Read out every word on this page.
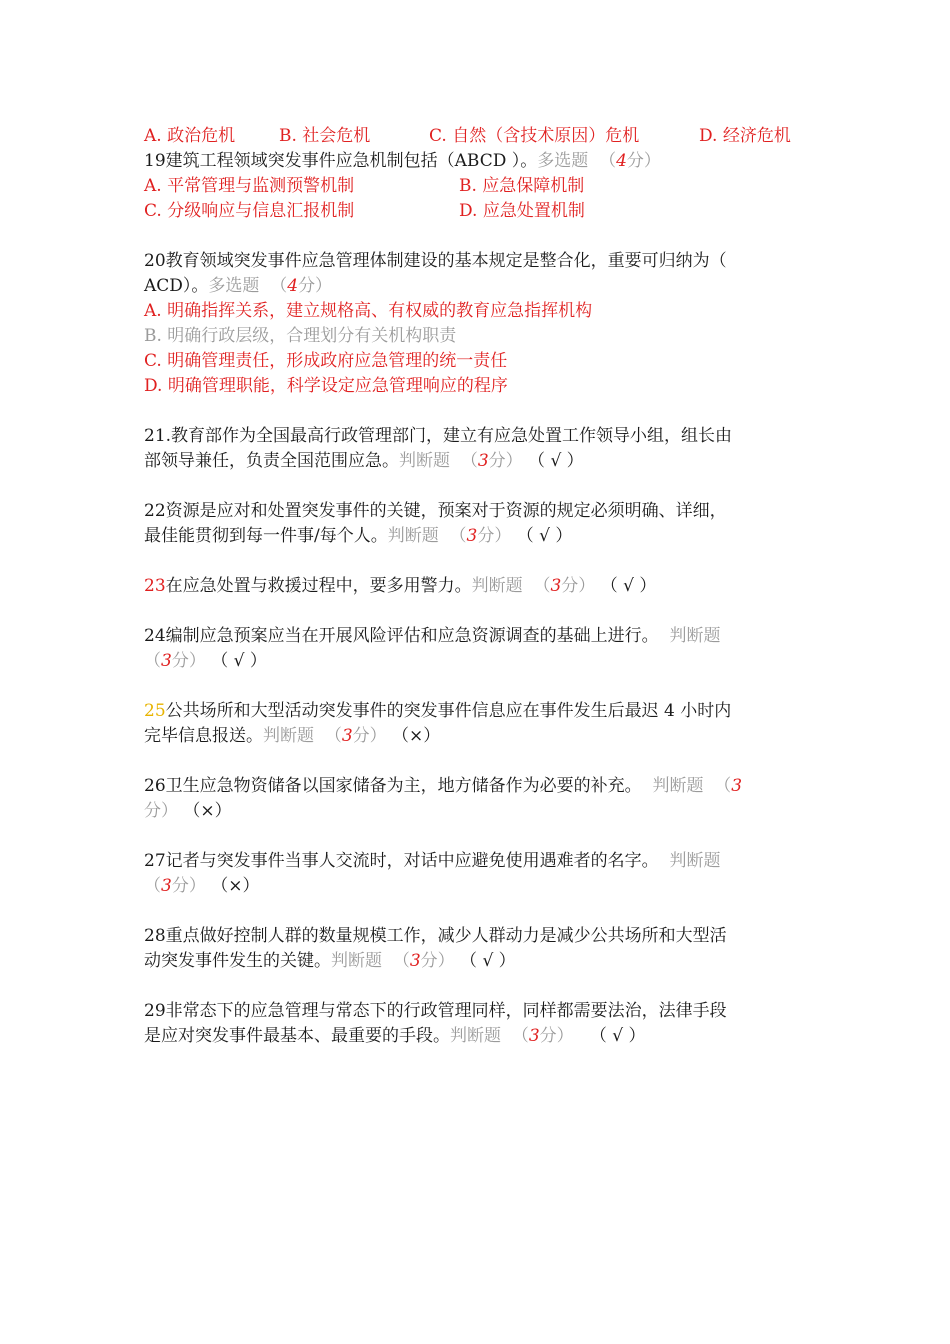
A. 政治危机	B. 社会危机	C. 自然（含技术原因）危机	D. 经济危机
19建筑工程领域突发事件应急机制包括（ABCD ）。多选题 （4分）
A. 平常管理与监测预警机制	B. 应急保障机制
C. 分级响应与信息汇报机制	D. 应急处置机制
20教育领域突发事件应急管理体制建设的基本规定是整合化，重要可归纳为（
ACD）。多选题 （4分）
A. 明确指挥关系，建立规格高、有权威的教育应急指挥机构
B. 明确行政层级，合理划分有关机构职责
C. 明确管理责任，形成政府应急管理的统一责任
D. 明确管理职能，科学设定应急管理响应的程序
21.教育部作为全国最高行政管理部门，建立有应急处置工作领导小组，组长由
部领导兼任，负责全国范围应急。判断题 （3分） （ √ ）
22资源是应对和处置突发事件的关键，预案对于资源的规定必须明确、详细，
最佳能贯彻到每一件事/每个人。判断题 （3分） （ √ ）
23在应急处置与救援过程中，要多用警力。判断题 （3分） （ √ ）
24编制应急预案应当在开展风险评估和应急资源调查的基础上进行。 判断题
（3分） （ √ ）
25公共场所和大型活动突发事件的突发事件信息应在事件发生后最迟 4 小时内
完毕信息报送。判断题 （3分） （×）
26卫生应急物资储备以国家储备为主，地方储备作为必要的补充。 判断题 （3
分） （×）
27记者与突发事件当事人交流时，对话中应避免使用遇难者的名字。 判断题
（3分） （×）
28重点做好控制人群的数量规模工作，减少人群动力是减少公共场所和大型活
动突发事件发生的关键。判断题 （3分） （ √ ）
29非常态下的应急管理与常态下的行政管理同样，同样都需要法治，法律手段
是应对突发事件最基本、最重要的手段。判断题 （3分） （ √ ）
